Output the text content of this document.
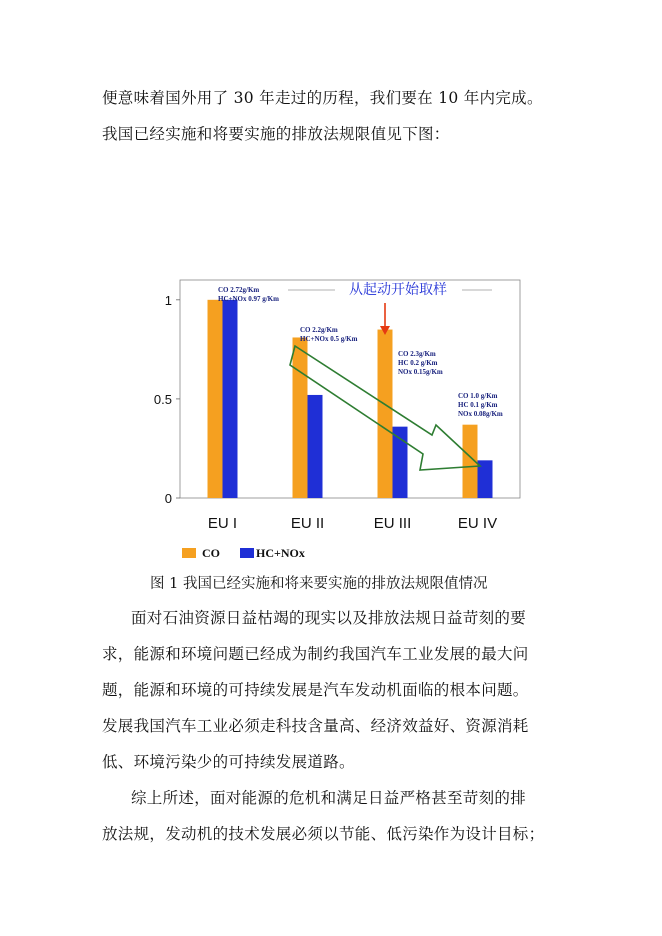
便意味着国外用了 30 年走过的历程，我们要在 10 年内完成。
我国已经实施和将要实施的排放法规限值见下图：
从起动开始取样
CO 2.72g/Km
HC+NOx 0.97 g/Km
CO 2.2g/Km
HC+NOx 0.5 g/Km
CO 2.3g/Km
HC 0.2 g/Km
NOx 0.15g/Km
CO 1.0 g/Km
HC 0.1 g/Km
NOx 0.08g/Km
0
0.5
1
EU I	EU II	EU III	EU IV
CO	HC+NOx
图 1 我国已经实施和将来要实施的排放法规限值情况
面对石油资源日益枯竭的现实以及排放法规日益苛刻的要
求，能源和环境问题已经成为制约我国汽车工业发展的最大问
题，能源和环境的可持续发展是汽车发动机面临的根本问题。
发展我国汽车工业必须走科技含量高、经济效益好、资源消耗
低、环境污染少的可持续发展道路。
综上所述，面对能源的危机和满足日益严格甚至苛刻的排
放法规，发动机的技术发展必须以节能、低污染作为设计目标；
